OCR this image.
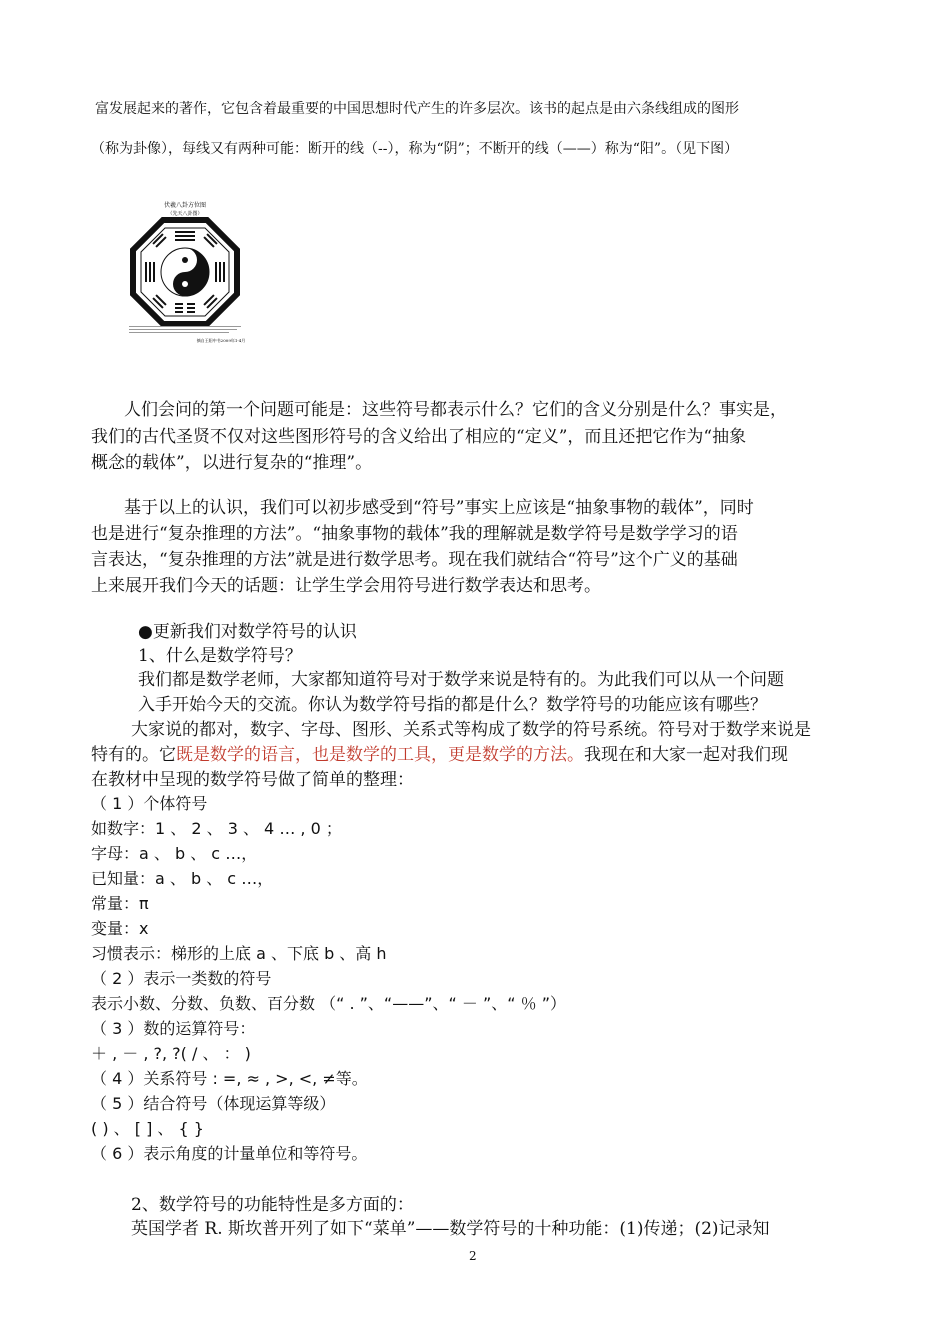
富发展起来的著作，它包含着最重要的中国思想时代产生的许多层次。该书的起点是由六条线组成的图形
（称为卦像），每线又有两种可能：断开的线（--），称为“阴”；不断开的线（——）称为“阳”。（见下图）
伏羲八卦方位图
（先天八卦图）
摘自王阳中书2009年1-4月
人们会问的第一个问题可能是：这些符号都表示什么？它们的含义分别是什么？事实是，
我们的古代圣贤不仅对这些图形符号的含义给出了相应的“定义”，而且还把它作为“抽象
概念的载体”，以进行复杂的“推理”。
基于以上的认识，我们可以初步感受到“符号”事实上应该是“抽象事物的载体”，同时
也是进行“复杂推理的方法”。“抽象事物的载体”我的理解就是数学符号是数学学习的语
言表达，“复杂推理的方法”就是进行数学思考。现在我们就结合“符号”这个广义的基础
上来展开我们今天的话题：让学生学会用符号进行数学表达和思考。
●更新我们对数学符号的认识
1、什么是数学符号？
我们都是数学老师，大家都知道符号对于数学来说是特有的。为此我们可以从一个问题
入手开始今天的交流。你认为数学符号指的都是什么？数学符号的功能应该有哪些？
大家说的都对，数字、字母、图形、关系式等构成了数学的符号系统。符号对于数学来说是
特有的。它既是数学的语言，也是数学的工具，更是数学的方法。我现在和大家一起对我们现
在教材中呈现的数学符号做了简单的整理：
（ 1 ）个体符号
如数字：1 、 2 、 3 、 4 … , 0 ；
字母：a 、 b 、 c …，
已知量：a 、 b 、 c …，
常量：π
变量：x
习惯表示：梯形的上底 a 、下底 b 、高 h
（ 2 ）表示一类数的符号
表示小数、分数、负数、百分数 （“ . ”、“——”、“ － ”、“ ％ ”）
（ 3 ）数的运算符号：
＋ , － , ?, ?( / 、 ： )
（ 4 ）关系符号 : =, ≈ , >, <, ≠等。
（ 5 ）结合符号（体现运算等级）
( ) 、 [ ] 、 { }
（ 6 ）表示角度的计量单位和等符号。
2、数学符号的功能特性是多方面的：
英国学者 R. 斯坎普开列了如下“菜单”——数学符号的十种功能：(1)传递；(2)记录知
2
